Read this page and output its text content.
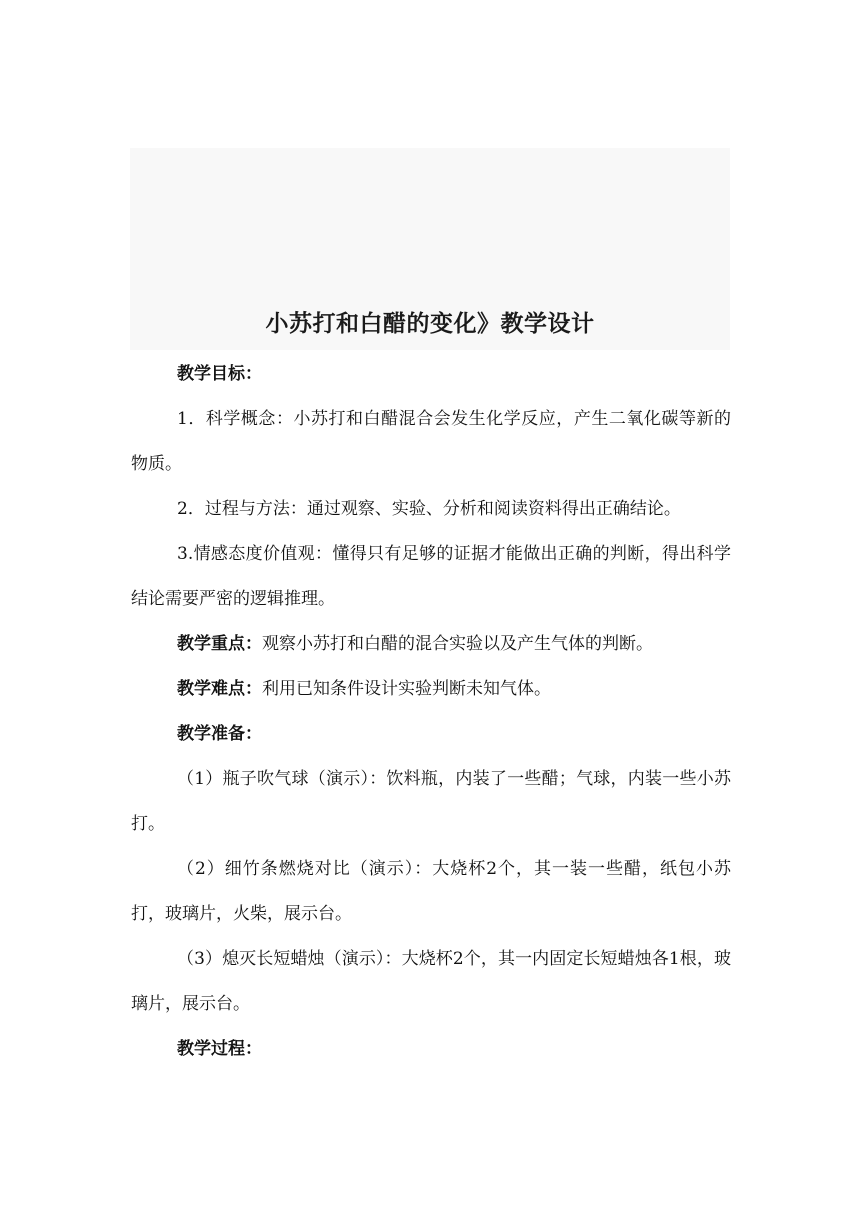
小苏打和白醋的变化》教学设计

教学目标：

1．科学概念：小苏打和白醋混合会发生化学反应，产生二氧化碳等新的物质。

2．过程与方法：通过观察、实验、分析和阅读资料得出正确结论。

3.情感态度价值观：懂得只有足够的证据才能做出正确的判断，得出科学结论需要严密的逻辑推理。

教学重点：观察小苏打和白醋的混合实验以及产生气体的判断。

教学难点：利用已知条件设计实验判断未知气体。

教学准备：

（1）瓶子吹气球（演示）：饮料瓶，内装了一些醋；气球，内装一些小苏打。

（2）细竹条燃烧对比（演示）：大烧杯2个，其一装一些醋，纸包小苏打，玻璃片，火柴，展示台。

（3）熄灭长短蜡烛（演示）：大烧杯2个，其一内固定长短蜡烛各1根，玻璃片，展示台。

教学过程：
